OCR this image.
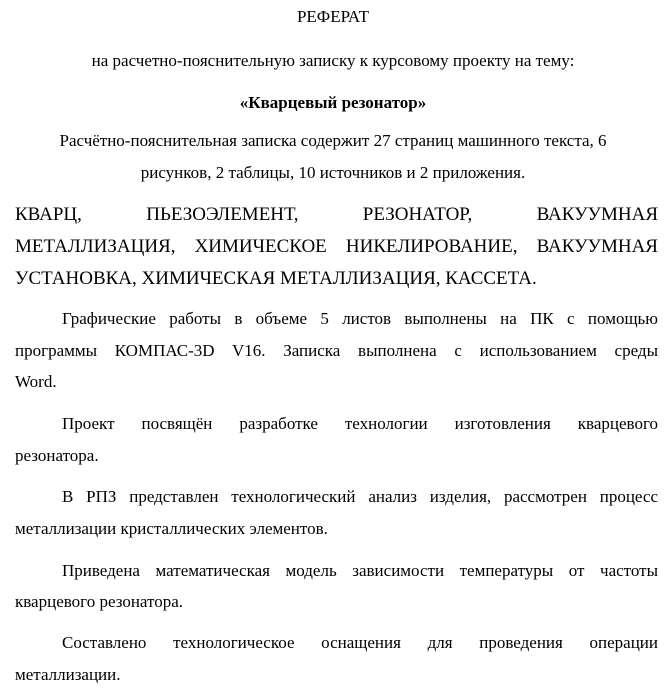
РЕФЕРАТ
на расчетно-пояснительную записку к курсовому проекту на тему:
«Кварцевый резонатор»
Расчётно-пояснительная записка содержит 27 страниц машинного текста, 6
рисунков, 2 таблицы, 10 источников и 2 приложения.
КВАРЦ, ПЬЕЗОЭЛЕМЕНТ, РЕЗОНАТОР, ВАКУУМНАЯ
МЕТАЛЛИЗАЦИЯ, ХИМИЧЕСКОЕ НИКЕЛИРОВАНИЕ, ВАКУУМНАЯ
УСТАНОВКА, ХИМИЧЕСКАЯ МЕТАЛЛИЗАЦИЯ, КАССЕТА.
Графические работы в объеме 5 листов выполнены на ПК с помощью
программы КОМПАС-3D V16. Записка выполнена с использованием среды
Word.
Проект посвящён разработке технологии изготовления кварцевого
резонатора.
В РПЗ представлен технологический анализ изделия, рассмотрен процесс
металлизации кристаллических элементов.
Приведена математическая модель зависимости температуры от частоты
кварцевого резонатора.
Составлено технологическое оснащения для проведения операции
металлизации.
